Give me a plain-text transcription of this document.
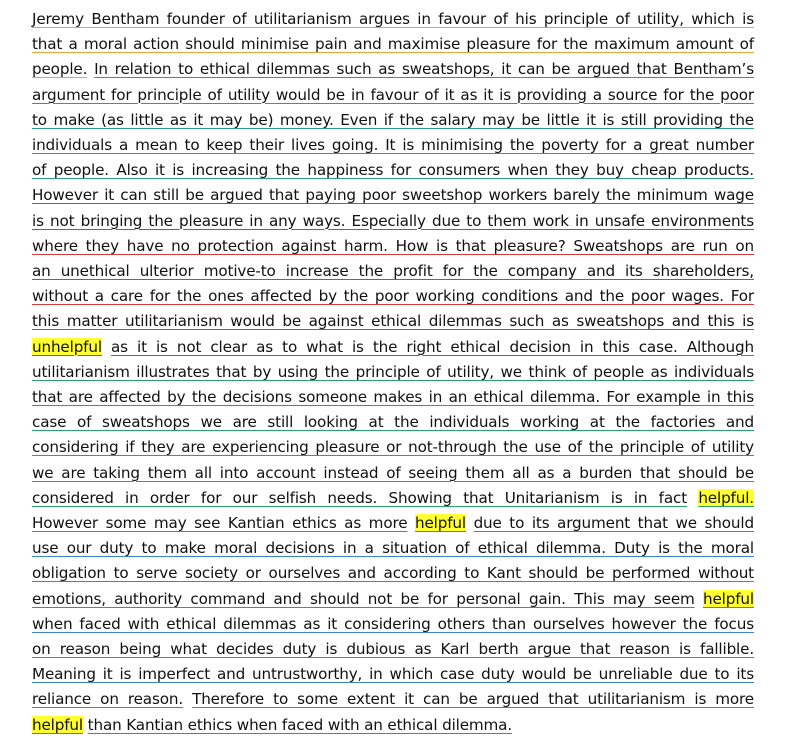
Jeremy Bentham founder of utilitarianism argues in favour of his principle of utility, which is
that a moral action should minimise pain and maximise pleasure for the maximum amount of
people. In relation to ethical dilemmas such as sweatshops, it can be argued that Bentham’s
argument for principle of utility would be in favour of it as it is providing a source for the poor
to make (as little as it may be) money. Even if the salary may be little it is still providing the
individuals a mean to keep their lives going. It is minimising the poverty for a great number
of people. Also it is increasing the happiness for consumers when they buy cheap products.
However it can still be argued that paying poor sweetshop workers barely the minimum wage
is not bringing the pleasure in any ways. Especially due to them work in unsafe environments
where they have no protection against harm. How is that pleasure? Sweatshops are run on
an unethical ulterior motive-to increase the profit for the company and its shareholders,
without a care for the ones affected by the poor working conditions and the poor wages. For
this matter utilitarianism would be against ethical dilemmas such as sweatshops and this is
unhelpful as it is not clear as to what is the right ethical decision in this case. Although
utilitarianism illustrates that by using the principle of utility, we think of people as individuals
that are affected by the decisions someone makes in an ethical dilemma. For example in this
case of sweatshops we are still looking at the individuals working at the factories and
considering if they are experiencing pleasure or not-through the use of the principle of utility
we are taking them all into account instead of seeing them all as a burden that should be
considered in order for our selfish needs. Showing that Unitarianism is in fact helpful.
However some may see Kantian ethics as more helpful due to its argument that we should
use our duty to make moral decisions in a situation of ethical dilemma. Duty is the moral
obligation to serve society or ourselves and according to Kant should be performed without
emotions, authority command and should not be for personal gain. This may seem helpful
when faced with ethical dilemmas as it considering others than ourselves however the focus
on reason being what decides duty is dubious as Karl berth argue that reason is fallible.
Meaning it is imperfect and untrustworthy, in which case duty would be unreliable due to its
reliance on reason. Therefore to some extent it can be argued that utilitarianism is more
helpful than Kantian ethics when faced with an ethical dilemma.
